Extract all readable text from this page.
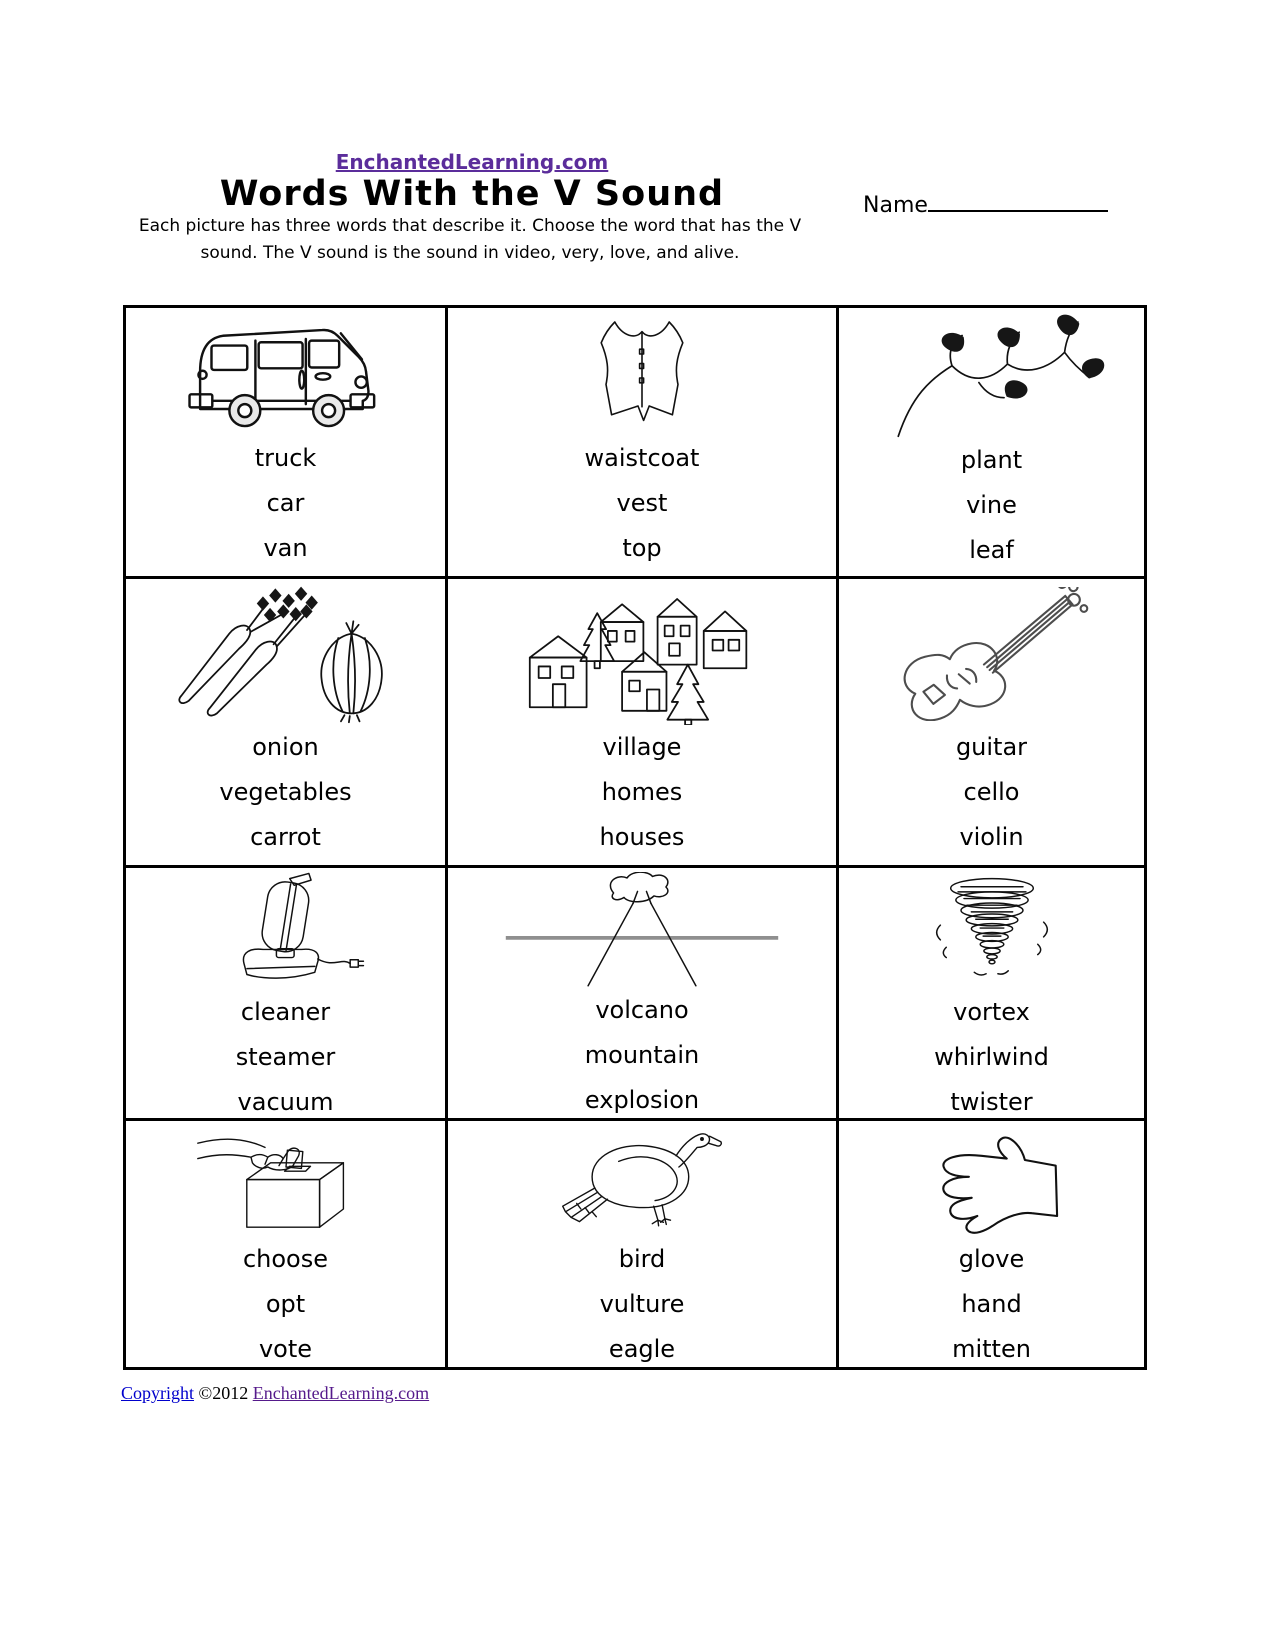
EnchantedLearning.com
Words With the V Sound	Name
Each picture has three words that describe it. Choose the word that has the V
sound. The V sound is the sound in video, very, love, and alive.
truck
car
van
waistcoat
vest
top
plant
vine
leaf
onion
vegetables
carrot
village
homes
houses
guitar
cello
violin
cleaner
steamer
vacuum
volcano
mountain
explosion
vortex
whirlwind
twister
choose
opt
vote
bird
vulture
eagle
glove
hand
mitten
Copyright ©2012 EnchantedLearning.com
